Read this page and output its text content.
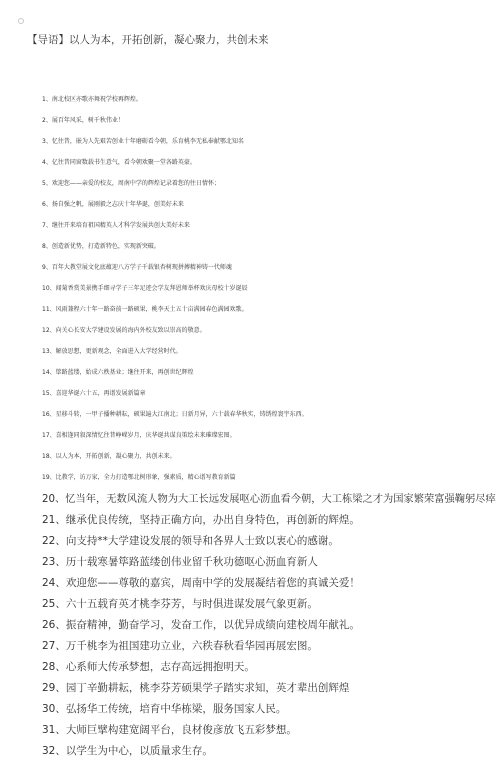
【导语】以人为本，开拓创新，凝心聚力，共创未来
1、南北校区亦歌亦舞祝学校再辉煌。
2、展百年风采，树千秋伟业！
3、忆往昔，嵌为人先艰苦创业十年磨砺看今朝，乐育桃李无私奉献鄂北知名
4、亿往昔同窗数载书生意气，看今朝欢聚一堂各路英豪。
5、欢迎您——亲爱的校友，周南中学的辉煌记录着您的往日情怀；
6、扬自强之帆，展刚毅之志庆十年华诞，创美好未来
7、继往开来培育祖国精英人才科学发展共创大美好未来
8、创造新优势，打造新特色，实现新突破。
9、百年大教堂展文化底蕴迎八方学子千载银杏树现拼搏精神铸一代师魂
10、闻菊香赏美景携手细寻学子三年足迹会学友拜恩师举杯欢庆母校十岁诞辰
11、风雨兼程六十年一路奋前一路硕果，桃李天土五十亩满园春色满园欢歌。
12、向关心长安大学建设发展的海内外校友致以崇高的敬意。
13、解放思想，更新观念，全面进入大学经营时代。
14、筚路蓝缕，始成六秩基业；继往开来，再创世纪辉煌
15、喜迎华诞六十五，再谱发展新篇章
16、星移斗转，一甲子播种耕耘，硕果遍大江南北；日新月异，六十载春华秋实，铸绣煌寰宇东西。
17、喜相逢同叙深情忆往昔峥嵘岁月，庆华诞共谋良策绘未来璀璨宏图。
18、以人为本，开拓创新，凝心聚力，共创未来。
19、比教学，访万家，全力打造鄂北树形象，强素质，精心谱写教育新篇
20、忆当年，无数风流人物为大工长远发展呕心沥血看今朝，大工栋梁之才为国家繁荣富强鞠躬尽瘁
21、继承优良传统，坚持正确方向，办出自身特色，再创新的辉煌。
22、向支持**大学建设发展的领导和各界人士致以衷心的感谢。
23、历十载寒暑筚路蓝缕创伟业留千秋功德呕心沥血育新人
24、欢迎您——尊敬的嘉宾，周南中学的发展凝结着您的真诚关爱！
25、六十五载育英才桃李芬芳，与时俱进谋发展气象更新。
26、振奋精神，勤奋学习，发奋工作，以优异成绩向建校周年献礼。
27、万千桃李为祖国建功立业，六秩春秋看华园再展宏图。
28、心系师大传承梦想，志存高远拥抱明天。
29、园丁辛勤耕耘，桃李芬芳硕果学子踏实求知，英才辈出创辉煌
30、弘扬华工传统，培育中华栋梁，服务国家人民。
31、大师巨擘构建宽阔平台，良材俊彦放飞五彩梦想。
32、以学生为中心，以质量求生存。
